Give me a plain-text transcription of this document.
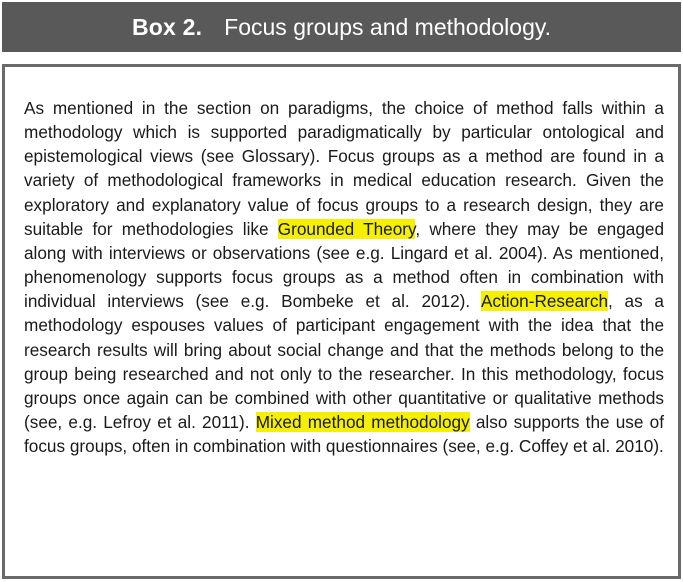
Box 2. Focus groups and methodology.

As mentioned in the section on paradigms, the choice of method falls within a methodology which is supported paradigmatically by particular ontological and epistemological views (see Glossary). Focus groups as a method are found in a variety of methodological frameworks in medical education research. Given the exploratory and explanatory value of focus groups to a research design, they are suitable for methodologies like Grounded Theory, where they may be engaged along with interviews or observations (see e.g. Lingard et al. 2004). As mentioned, phenomenology supports focus groups as a method often in combination with individual interviews (see e.g. Bombeke et al. 2012). Action-Research, as a methodology espouses values of participant engagement with the idea that the research results will bring about social change and that the methods belong to the group being researched and not only to the researcher. In this methodology, focus groups once again can be combined with other quantitative or qualitative methods (see, e.g. Lefroy et al. 2011). Mixed method methodology also supports the use of focus groups, often in combination with questionnaires (see, e.g. Coffey et al. 2010).
